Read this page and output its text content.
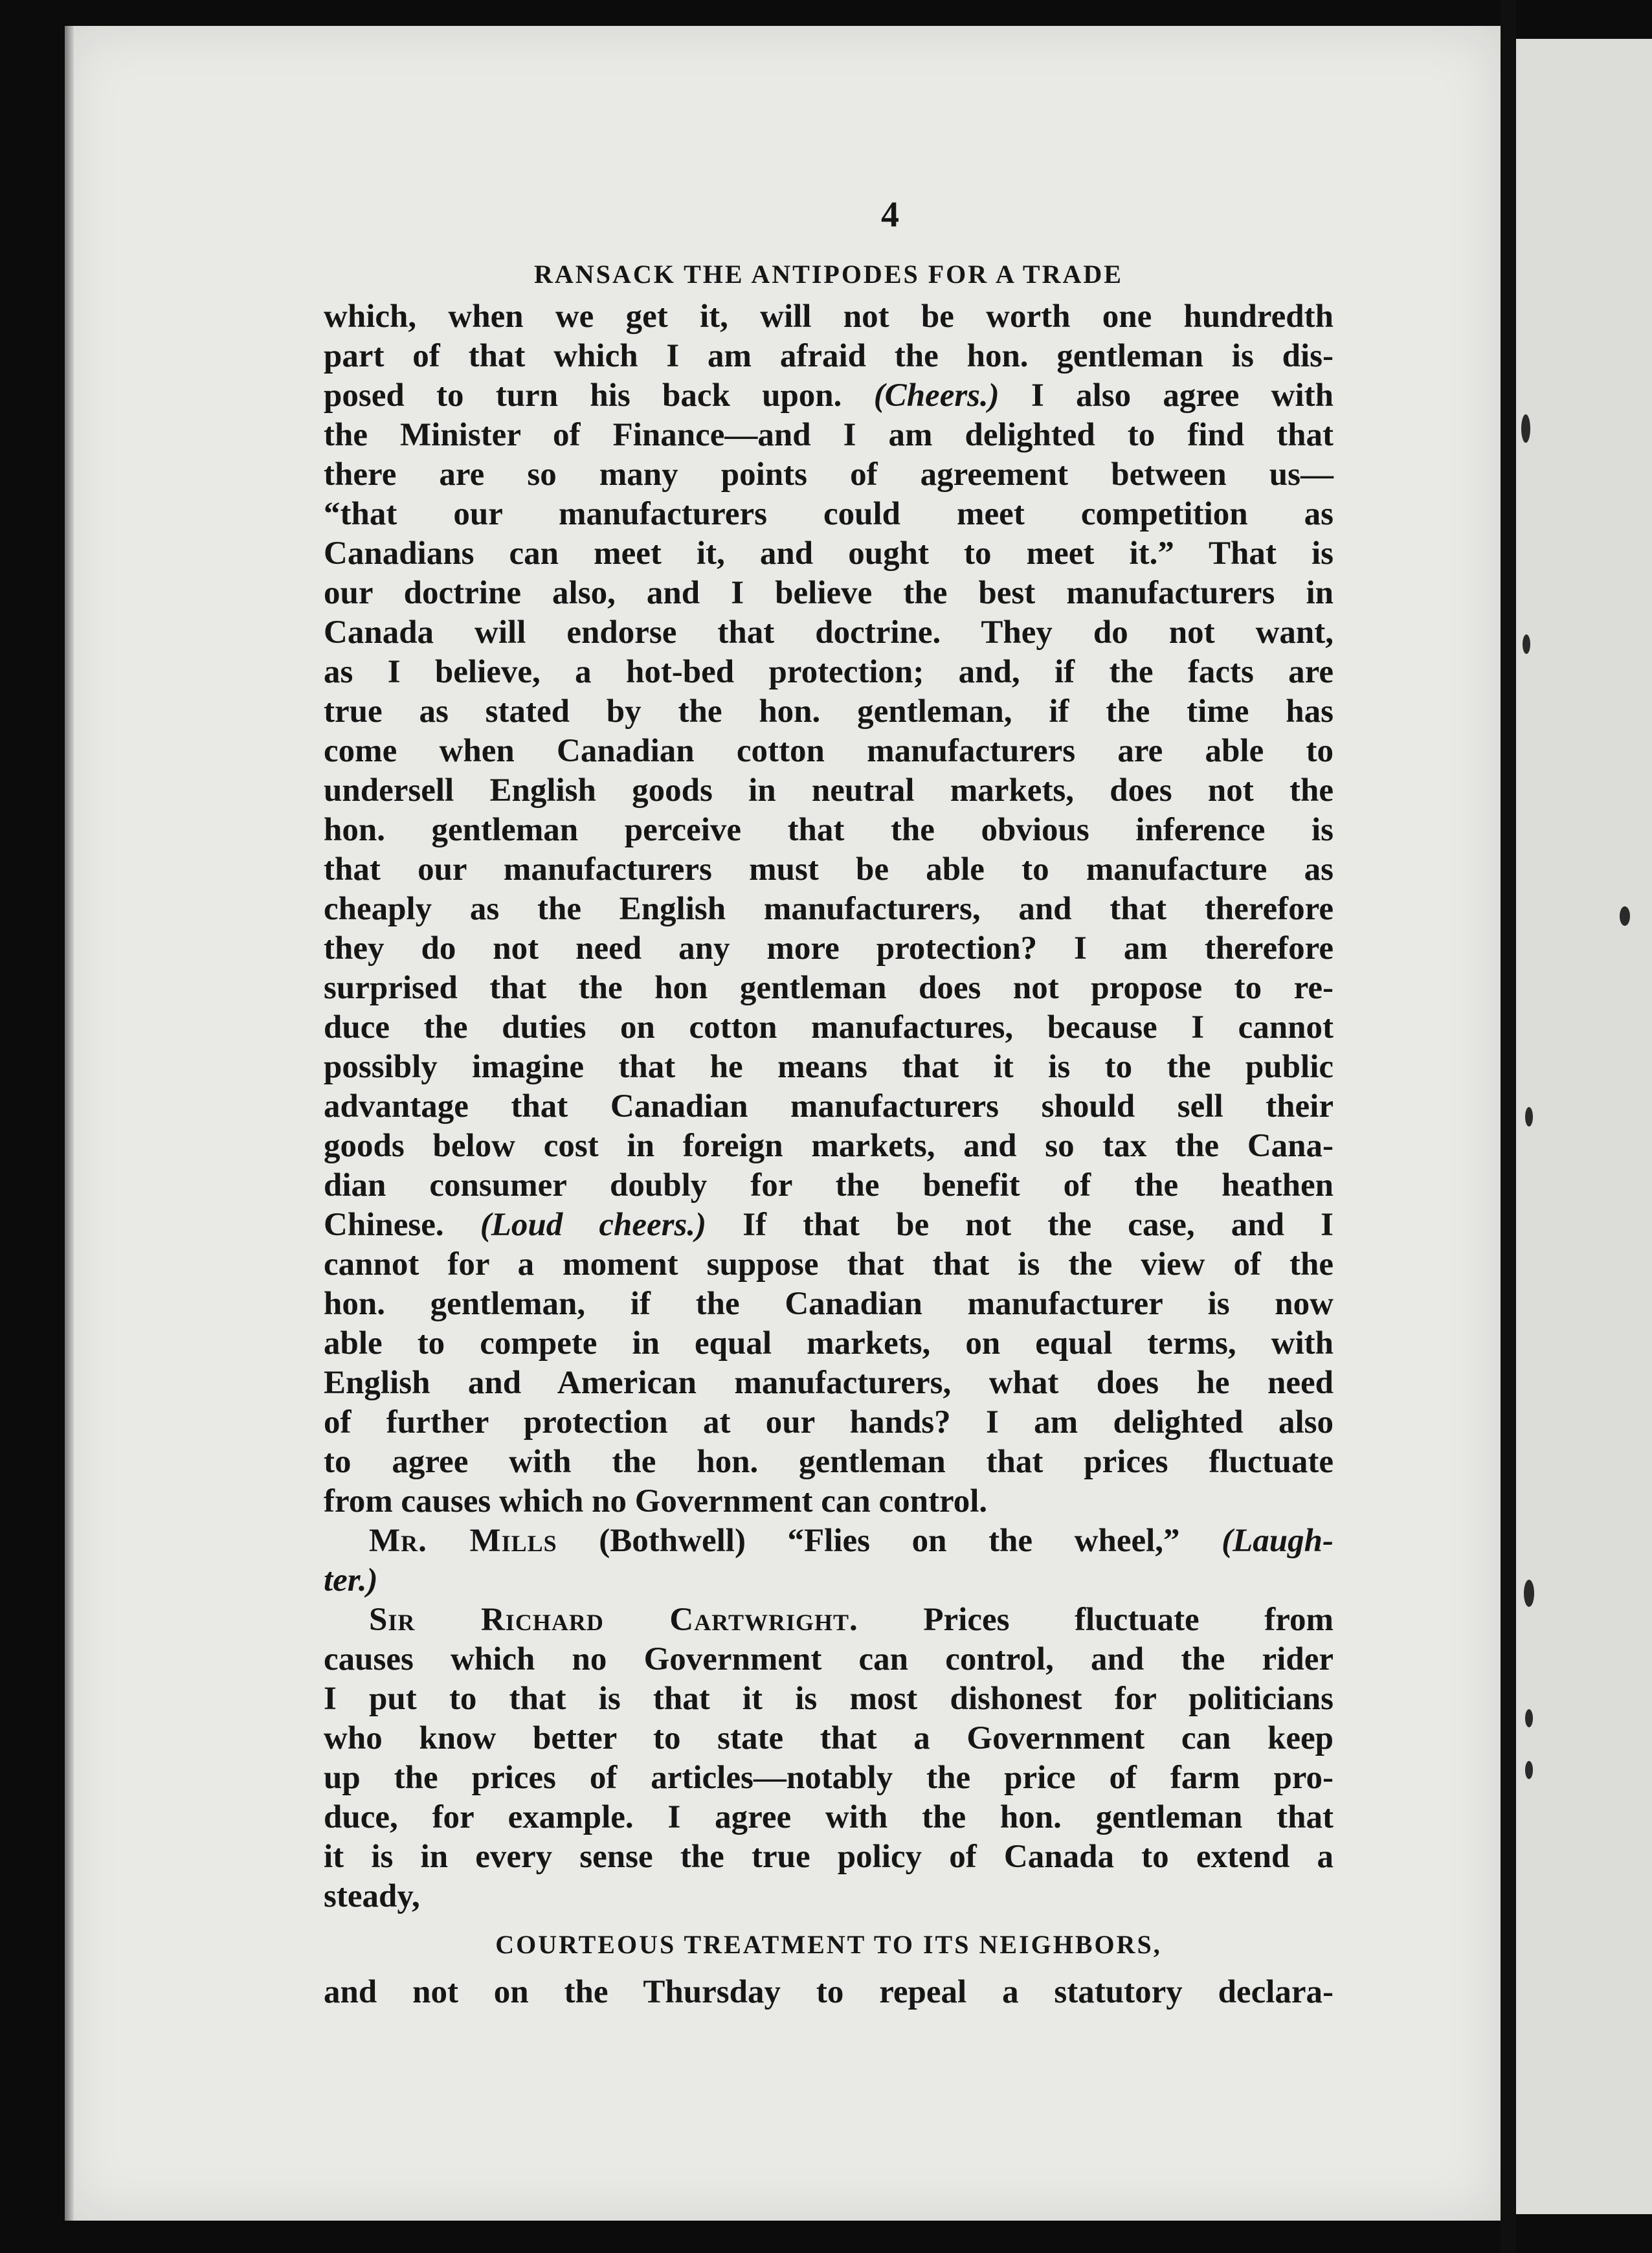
4
RANSACK THE ANTIPODES FOR A TRADE
which, when we get it, will not be worth one hundredth
part of that which I am afraid the hon. gentleman is dis-
posed to turn his back upon. (Cheers.) I also agree with
the Minister of Finance—and I am delighted to find that
there are so many points of agreement between us—
“that our manufacturers could meet competition as
Canadians can meet it, and ought to meet it.” That is
our doctrine also, and I believe the best manufacturers in
Canada will endorse that doctrine. They do not want,
as I believe, a hot-bed protection; and, if the facts are
true as stated by the hon. gentleman, if the time has
come when Canadian cotton manufacturers are able to
undersell English goods in neutral markets, does not the
hon. gentleman perceive that the obvious inference is
that our manufacturers must be able to manufacture as
cheaply as the English manufacturers, and that therefore
they do not need any more protection? I am therefore
surprised that the hon gentleman does not propose to re-
duce the duties on cotton manufactures, because I cannot
possibly imagine that he means that it is to the public
advantage that Canadian manufacturers should sell their
goods below cost in foreign markets, and so tax the Cana-
dian consumer doubly for the benefit of the heathen
Chinese. (Loud cheers.) If that be not the case, and I
cannot for a moment suppose that that is the view of the
hon. gentleman, if the Canadian manufacturer is now
able to compete in equal markets, on equal terms, with
English and American manufacturers, what does he need
of further protection at our hands? I am delighted also
to agree with the hon. gentleman that prices fluctuate
from causes which no Government can control.
Mr. Mills (Bothwell) “Flies on the wheel,” (Laugh-
ter.)
Sir Richard Cartwright. Prices fluctuate from
causes which no Government can control, and the rider
I put to that is that it is most dishonest for politicians
who know better to state that a Government can keep
up the prices of articles—notably the price of farm pro-
duce, for example. I agree with the hon. gentleman that
it is in every sense the true policy of Canada to extend a
steady,
COURTEOUS TREATMENT TO ITS NEIGHBORS,
and not on the Thursday to repeal a statutory declara-
